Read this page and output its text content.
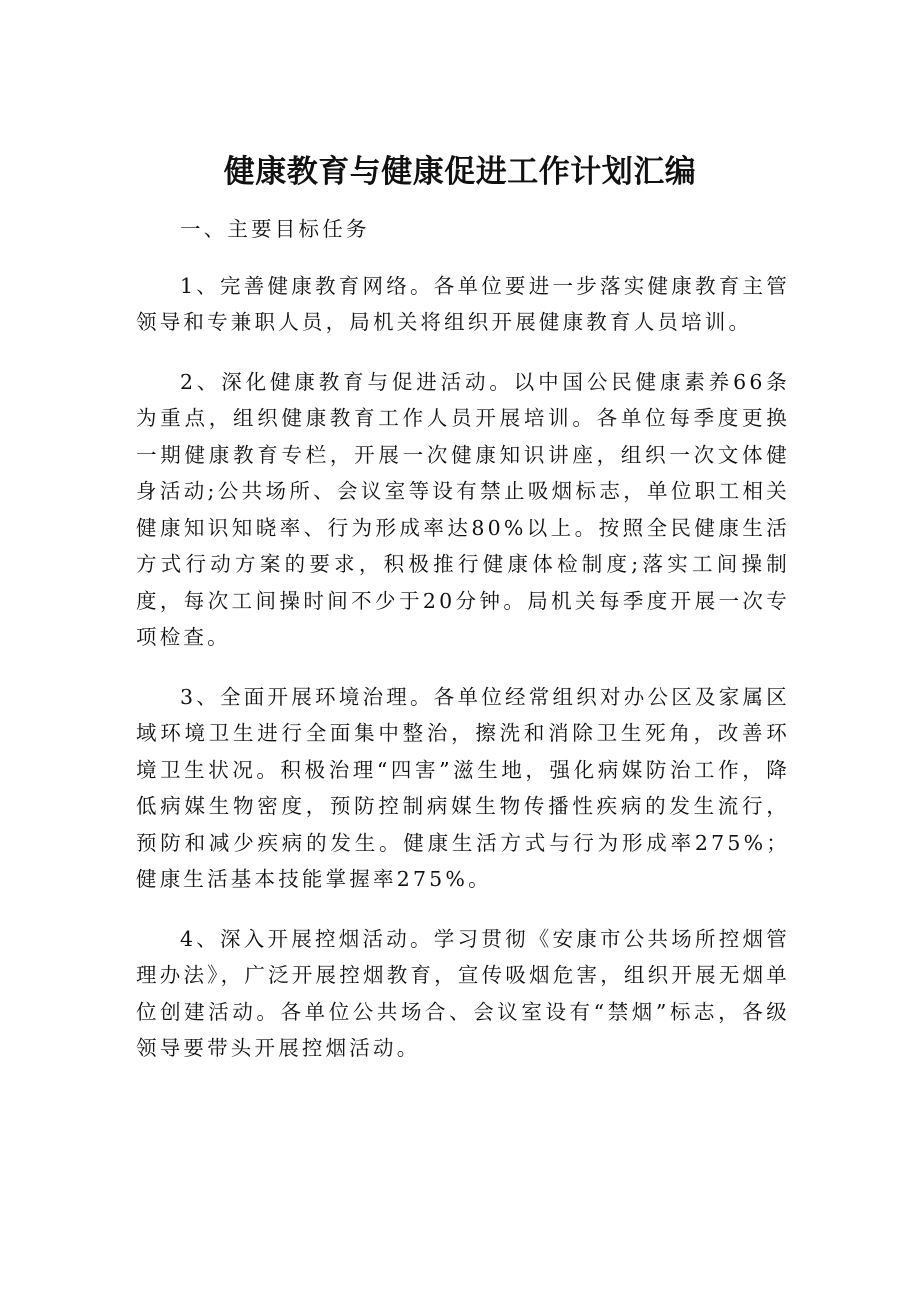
健康教育与健康促进工作计划汇编

一、主要目标任务

1、完善健康教育网络。各单位要进一步落实健康教育主管领导和专兼职人员，局机关将组织开展健康教育人员培训。

2、深化健康教育与促进活动。以中国公民健康素养66条为重点，组织健康教育工作人员开展培训。各单位每季度更换一期健康教育专栏，开展一次健康知识讲座，组织一次文体健身活动;公共场所、会议室等设有禁止吸烟标志，单位职工相关健康知识知晓率、行为形成率达80%以上。按照全民健康生活方式行动方案的要求，积极推行健康体检制度;落实工间操制度，每次工间操时间不少于20分钟。局机关每季度开展一次专项检查。

3、全面开展环境治理。各单位经常组织对办公区及家属区域环境卫生进行全面集中整治，擦洗和消除卫生死角，改善环境卫生状况。积极治理“四害”滋生地，强化病媒防治工作，降低病媒生物密度，预防控制病媒生物传播性疾病的发生流行，预防和减少疾病的发生。健康生活方式与行为形成率275%；健康生活基本技能掌握率275%。

4、深入开展控烟活动。学习贯彻《安康市公共场所控烟管理办法》，广泛开展控烟教育，宣传吸烟危害，组织开展无烟单位创建活动。各单位公共场合、会议室设有“禁烟”标志，各级领导要带头开展控烟活动。
